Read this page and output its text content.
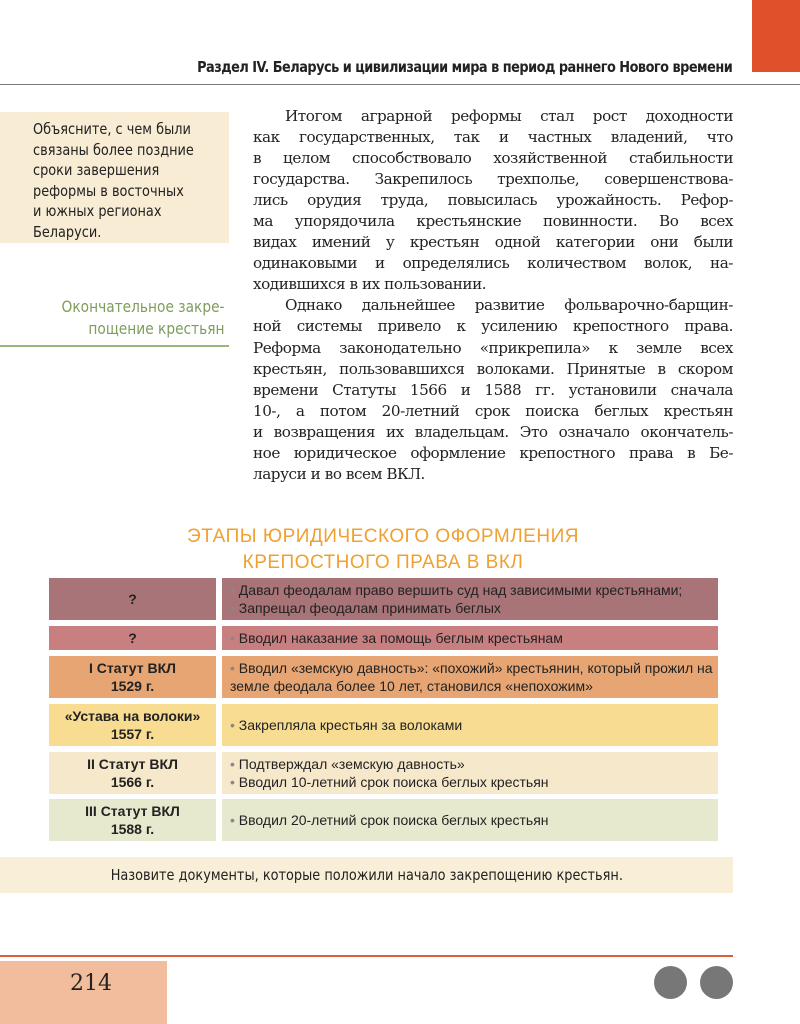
Раздел IV. Беларусь и цивилизации мира в период раннего Нового времени
Объясните, с чем были
связаны более поздние
сроки завершения
реформы в восточных
и южных регионах
Беларуси.
Окончательное закре-
пощение крестьян
Итогом аграрной реформы стал рост доходности
как государственных, так и частных владений, что
в целом способствовало хозяйственной стабильности
государства. Закрепилось трехполье, совершенствова-
лись орудия труда, повысилась урожайность. Рефор-
ма упорядочила крестьянские повинности. Во всех
видах имений у крестьян одной категории они были
одинаковыми и определялись количеством волок, на-
ходившихся в их пользовании.
Однако дальнейшее развитие фольварочно-барщин-
ной системы привело к усилению крепостного права.
Реформа законодательно «прикрепила» к земле всех
крестьян, пользовавшихся волоками. Принятые в скором
времени Статуты 1566 и 1588 гг. установили сначала
10-, а потом 20-летний срок поиска беглых крестьян
и возвращения их владельцам. Это означало окончатель-
ное юридическое оформление крепостного права в Бе-
ларуси и во всем ВКЛ.
ЭТАПЫ ЮРИДИЧЕСКОГО ОФОРМЛЕНИЯ
КРЕПОСТНОГО ПРАВА В ВКЛ
?
• Давал феодалам право вершить суд над зависимыми крестьянами;
• Запрещал феодалам принимать беглых
?	• Вводил наказание за помощь беглым крестьянам
I Статут ВКЛ
1529 г.
• Вводил «земскую давность»: «похожий» крестьянин, который прожил на земле феодала более 10 лет, становился «непохожим»
«Устава на волоки»
1557 г.
• Закрепляла крестьян за волоками
II Статут ВКЛ
1566 г.
• Подтверждал «земскую давность»
• Вводил 10-летний срок поиска беглых крестьян
III Статут ВКЛ
1588 г.
• Вводил 20-летний срок поиска беглых крестьян
Назовите документы, которые положили начало закрепощению крестьян.
214
